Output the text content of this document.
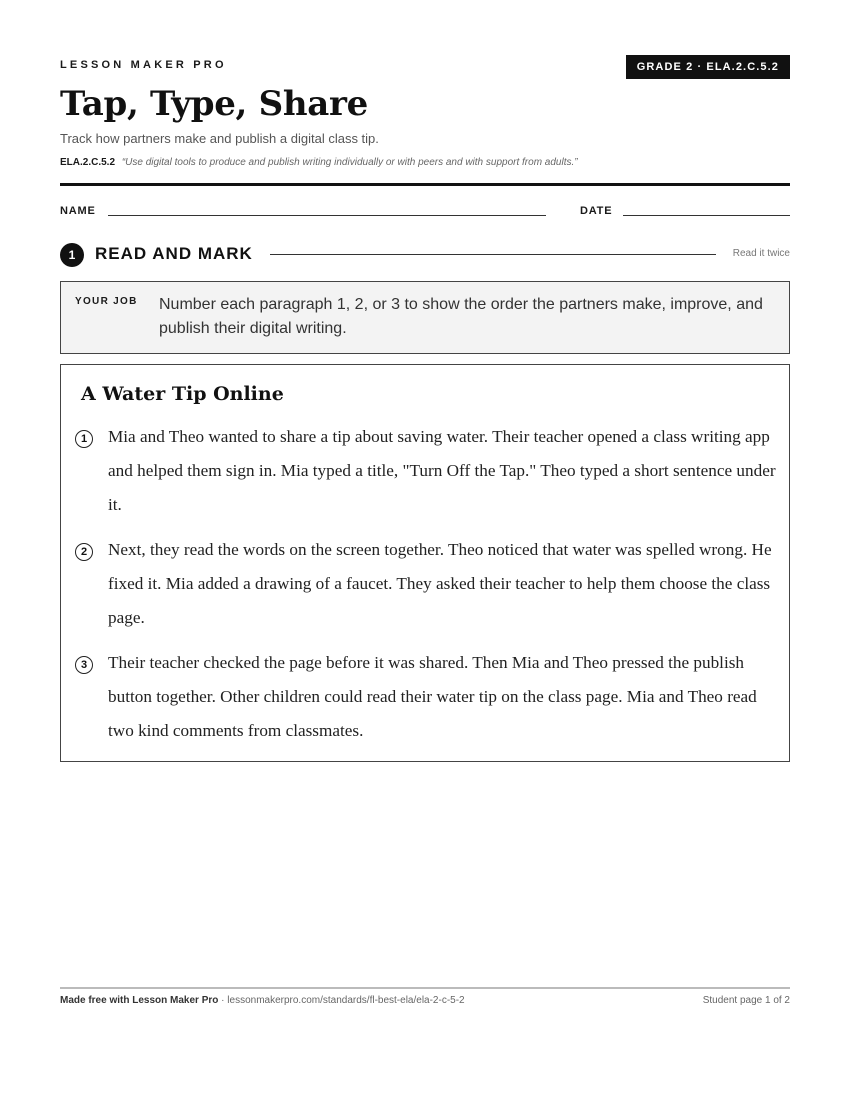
LESSON MAKER PRO	GRADE 2 · ELA.2.C.5.2
Tap, Type, Share
Track how partners make and publish a digital class tip.
ELA.2.C.5.2 “Use digital tools to produce and publish writing individually or with peers and with support from adults.”
NAME	DATE
1	READ AND MARK	Read it twice
YOUR JOB Number each paragraph 1, 2, or 3 to show the order the partners make, improve, and publish their digital writing.
A Water Tip Online
1	Mia and Theo wanted to share a tip about saving water. Their teacher opened a class writing app and helped them sign in. Mia typed a title, "Turn Off the Tap." Theo typed a short sentence under it.
2	Next, they read the words on the screen together. Theo noticed that water was spelled wrong. He fixed it. Mia added a drawing of a faucet. They asked their teacher to help them choose the class page.
3	Their teacher checked the page before it was shared. Then Mia and Theo pressed the publish button together. Other children could read their water tip on the class page. Mia and Theo read two kind comments from classmates.
Made free with Lesson Maker Pro · lessonmakerpro.com/standards/fl-best-ela/ela-2-c-5-2	Student page 1 of 2
